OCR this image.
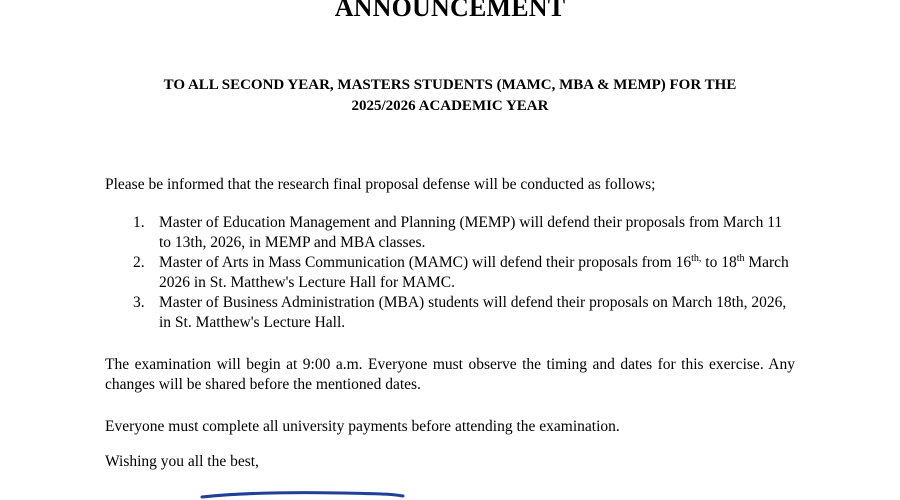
ANNOUNCEMENT
TO ALL SECOND YEAR, MASTERS STUDENTS (MAMC, MBA & MEMP) FOR THE
2025/2026 ACADEMIC YEAR

Please be informed that the research final proposal defense will be conducted as follows;

1. Master of Education Management and Planning (MEMP) will defend their proposals from March 11 to 13th, 2026, in MEMP and MBA classes.
2. Master of Arts in Mass Communication (MAMC) will defend their proposals from $16^{th,}$ to 18th March 2026 in St. Matthew's Lecture Hall for MAMC.
3. Master of Business Administration (MBA) students will defend their proposals on March 18th, 2026, in St. Matthew's Lecture Hall.

The examination will begin at 9:00 a.m. Everyone must observe the timing and dates for this exercise. Any changes will be shared before the mentioned dates.

Everyone must complete all university payments before attending the examination.

Wishing you all the best,
